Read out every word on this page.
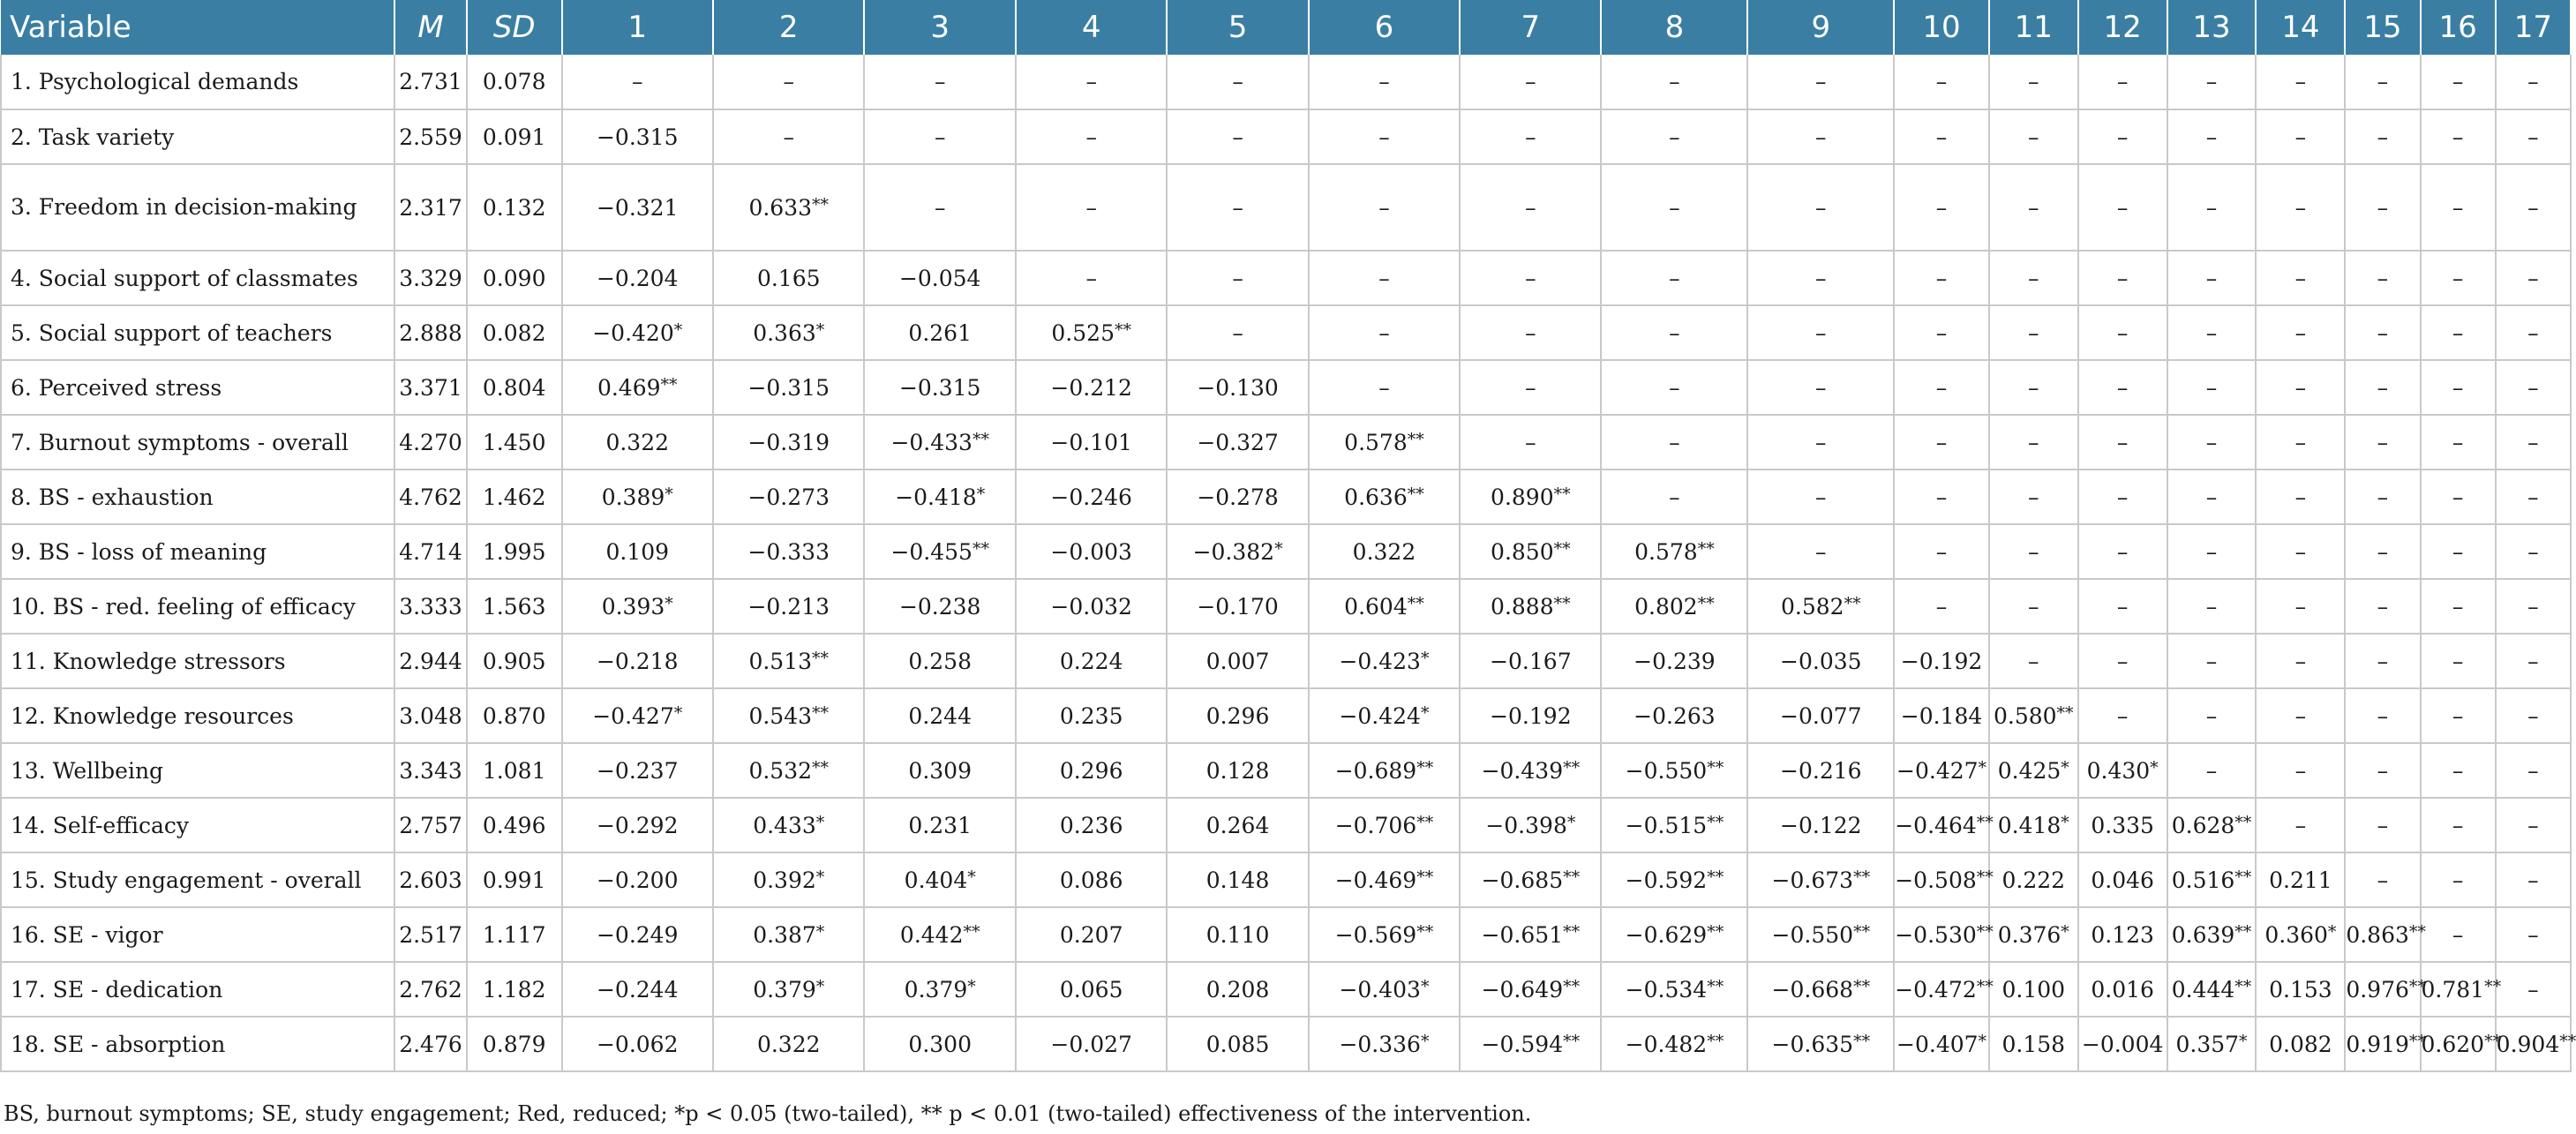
Variable	M	SD	1	2	3	4	5	6	7	8	9	10	11	12	13	14	15	16	17
1. Psychological demands	2.731	0.078	–	–	–	–	–	–	–	–	–	–	–	–	–	–	–	–	–
2. Task variety	2.559	0.091	−0.315	–	–	–	–	–	–	–	–	–	–	–	–	–	–	–	–
3. Freedom in decision-making	2.317	0.132	−0.321	0.633**	–	–	–	–	–	–	–	–	–	–	–	–	–	–	–
4. Social support of classmates	3.329	0.090	−0.204	0.165	−0.054	–	–	–	–	–	–	–	–	–	–	–	–	–	–
5. Social support of teachers	2.888	0.082	−0.420*	0.363*	0.261	0.525**	–	–	–	–	–	–	–	–	–	–	–	–	–
6. Perceived stress	3.371	0.804	0.469**	−0.315	−0.315	−0.212	−0.130	–	–	–	–	–	–	–	–	–	–	–	–
7. Burnout symptoms - overall	4.270	1.450	0.322	−0.319	−0.433**	−0.101	−0.327	0.578**	–	–	–	–	–	–	–	–	–	–	–
8. BS - exhaustion	4.762	1.462	0.389*	−0.273	−0.418*	−0.246	−0.278	0.636**	0.890**	–	–	–	–	–	–	–	–	–	–
9. BS - loss of meaning	4.714	1.995	0.109	−0.333	−0.455**	−0.003	−0.382*	0.322	0.850**	0.578**	–	–	–	–	–	–	–	–	–
10. BS - red. feeling of efficacy	3.333	1.563	0.393*	−0.213	−0.238	−0.032	−0.170	0.604**	0.888**	0.802**	0.582**	–	–	–	–	–	–	–	–
11. Knowledge stressors	2.944	0.905	−0.218	0.513**	0.258	0.224	0.007	−0.423*	−0.167	−0.239	−0.035	−0.192	–	–	–	–	–	–	–
12. Knowledge resources	3.048	0.870	−0.427*	0.543**	0.244	0.235	0.296	−0.424*	−0.192	−0.263	−0.077	−0.184	0.580**	–	–	–	–	–	–
13. Wellbeing	3.343	1.081	−0.237	0.532**	0.309	0.296	0.128	−0.689**	−0.439**	−0.550**	−0.216	−0.427*	0.425*	0.430*	–	–	–	–	–
14. Self-efficacy	2.757	0.496	−0.292	0.433*	0.231	0.236	0.264	−0.706**	−0.398*	−0.515**	−0.122	−0.464**	0.418*	0.335	0.628**	–	–	–	–
15. Study engagement - overall	2.603	0.991	−0.200	0.392*	0.404*	0.086	0.148	−0.469**	−0.685**	−0.592**	−0.673**	−0.508**	0.222	0.046	0.516**	0.211	–	–	–
16. SE - vigor	2.517	1.117	−0.249	0.387*	0.442**	0.207	0.110	−0.569**	−0.651**	−0.629**	−0.550**	−0.530**	0.376*	0.123	0.639**	0.360*	0.863**	–	–
17. SE - dedication	2.762	1.182	−0.244	0.379*	0.379*	0.065	0.208	−0.403*	−0.649**	−0.534**	−0.668**	−0.472**	0.100	0.016	0.444**	0.153	0.976**	0.781**	–
18. SE - absorption	2.476	0.879	−0.062	0.322	0.300	−0.027	0.085	−0.336*	−0.594**	−0.482**	−0.635**	−0.407*	0.158	−0.004	0.357*	0.082	0.919**	0.620**	0.904**
BS, burnout symptoms; SE, study engagement; Red, reduced; *p < 0.05 (two-tailed), ** p < 0.01 (two-tailed) effectiveness of the intervention.
